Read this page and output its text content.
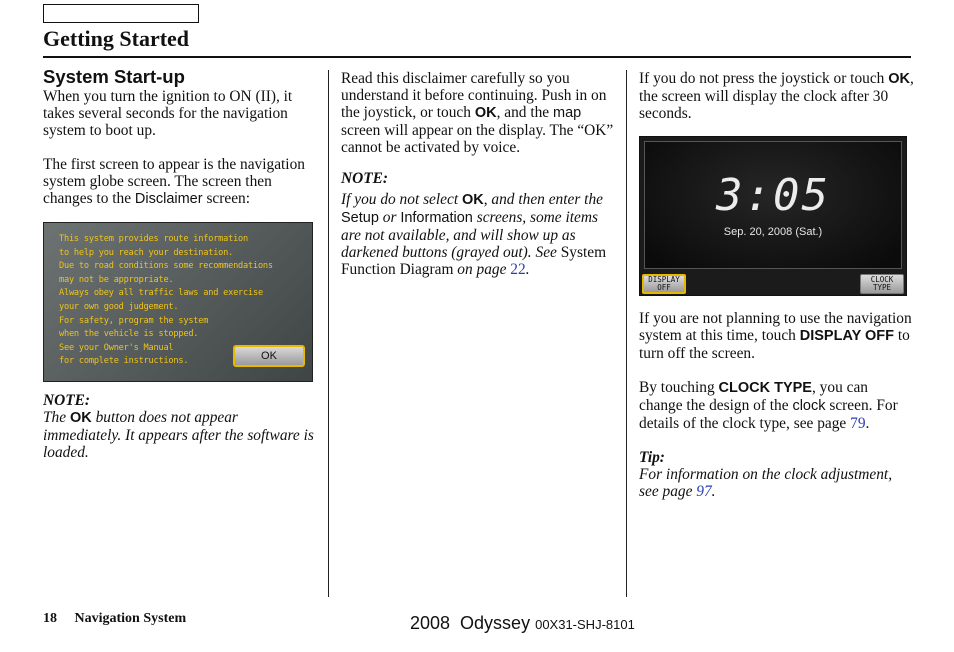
Getting Started
System Start-up

When you turn the ignition to ON (II), it takes several seconds for the navigation system to boot up.

The first screen to appear is the navigation system globe screen. The screen then changes to the Disclaimer screen:

This system provides route information
to help you reach your destination.
Due to road conditions some recommendations
may not be appropriate.
Always obey all traffic laws and exercise
your own good judgement.
For safety, program the system
when the vehicle is stopped.
See your Owner's Manual
for complete instructions.	OK

NOTE:

The OK button does not appear immediately. It appears after the software is loaded.

Read this disclaimer carefully so you understand it before continuing. Push in on the joystick, or touch OK, and the map screen will appear on the display. The “OK” cannot be activated by voice.

NOTE:

If you do not select OK, and then enter the Setup or Information screens, some items are not available, and will show up as darkened buttons (grayed out). See System Function Diagram on page 22.

If you do not press the joystick or touch OK, the screen will display the clock after 30 seconds.

3:05
Sep. 20, 2008 (Sat.)
DISPLAY
OFF
CLOCK
TYPE

If you are not planning to use the navigation system at this time, touch DISPLAY OFF to turn off the screen.

By touching CLOCK TYPE, you can change the design of the clock screen. For details of the clock type, see page 79.

Tip:

For information on the clock adjustment, see page 97.

18 Navigation System	2008  Odyssey 00X31-SHJ-8101
